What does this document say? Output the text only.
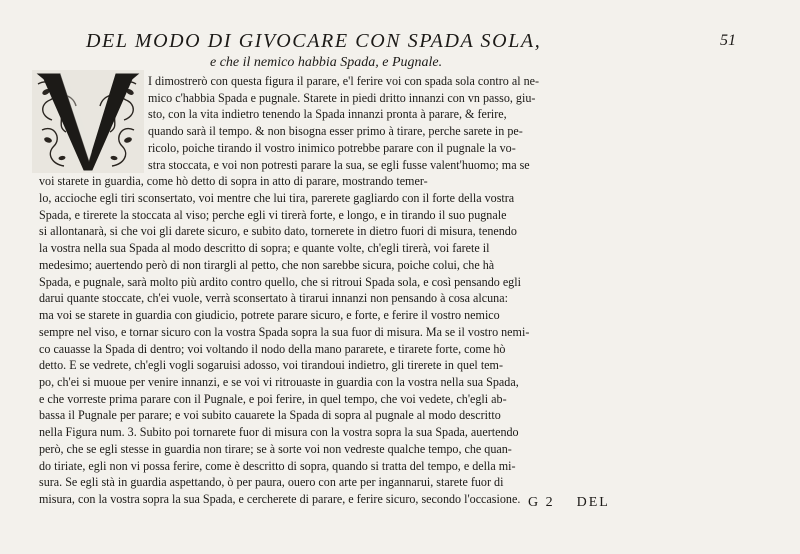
DEL MODO DI GIVOCARE CON SPADA SOLA,	51
e che il nemico habbia Spada, e Pugnale.
I dimostrerò con questa figura il parare, e'l ferire voi con spada sola contro al ne-
mico c'habbia Spada e pugnale. Starete in piedi dritto innanzi con vn passo, giu-
sto, con la vita indietro tenendo la Spada innanzi pronta à parare, & ferire,
quando sarà il tempo. & non bisogna esser primo à tirare, perche sarete in pe-
ricolo, poiche tirando il vostro inimico potrebbe parare con il pugnale la vo-
stra stoccata, e voi non potresti parare la sua, se egli fusse valent'huomo; ma se
voi starete in guardia, come hò detto di sopra in atto di parare, mostrando temer-
lo, accioche egli tiri sconsertato, voi mentre che lui tira, parerete gagliardo con il forte della vostra
Spada, e tirerete la stoccata al viso; perche egli vi tirerà forte, e longo, e in tirando il suo pugnale
si allontanarà, si che voi gli darete sicuro, e subito dato, tornerete in dietro fuori di misura, tenendo
la vostra nella sua Spada al modo descritto di sopra; e quante volte, ch'egli tirerà, voi farete il
medesimo; auertendo però di non tirargli al petto, che non sarebbe sicura, poiche colui, che hà
Spada, e pugnale, sarà molto più ardito contro quello, che si ritroui Spada sola, e così pensando egli
darui quante stoccate, ch'ei vuole, verrà sconsertato à tirarui innanzi non pensando à cosa alcuna:
ma voi se starete in guardia con giudicio, potrete parare sicuro, e forte, e ferire il vostro nemico
sempre nel viso, e tornar sicuro con la vostra Spada sopra la sua fuor di misura. Ma se il vostro nemi-
co cauasse la Spada di dentro; voi voltando il nodo della mano pararete, e tirarete forte, come hò
detto. E se vedrete, ch'egli vogli sogaruisi adosso, voi tirandoui indietro, gli tirerete in quel tem-
po, ch'ei si muoue per venire innanzi, e se voi vi ritrouaste in guardia con la vostra nella sua Spada,
e che vorreste prima parare con il Pugnale, e poi ferire, in quel tempo, che voi vedete, ch'egli ab-
bassa il Pugnale per parare; e voi subito cauarete la Spada di sopra al pugnale al modo descritto
nella Figura num. 3. Subito poi tornarete fuor di misura con la vostra sopra la sua Spada, auertendo
però, che se egli stesse in guardia non tirare; se à sorte voi non vedreste qualche tempo, che quan-
do tiriate, egli non vi possa ferire, come è descritto di sopra, quando si tratta del tempo, e della mi-
sura. Se egli stà in guardia aspettando, ò per paura, ouero con arte per ingannarui, starete fuor di
misura, con la vostra sopra la sua Spada, e cercherete di parare, e ferire sicuro, secondo l'occasione. G 2 DEL
